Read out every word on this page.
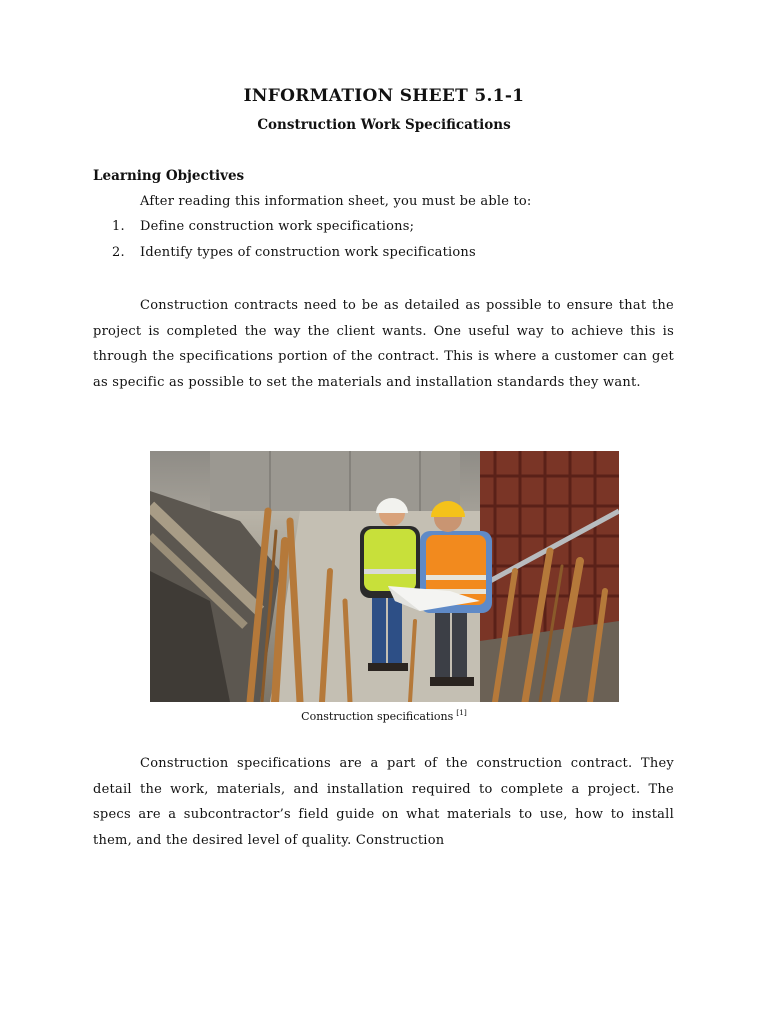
INFORMATION SHEET 5.1-1
Construction Work Specifications
Learning Objectives
After reading this information sheet, you must be able to:
1.	Define construction work specifications;
2.	Identify types of construction work specifications

Construction contracts need to be as detailed as possible to ensure that the project is completed the way the client wants. One useful way to achieve this is through the specifications portion of the contract. This is where a customer can get as specific as possible to set the materials and installation standards they want.

Construction specifications [1]

Construction specifications are a part of the construction contract. They detail the work, materials, and installation required to complete a project. The specs are a subcontractor’s field guide on what materials to use, how to install them, and the desired level of quality. Construction
